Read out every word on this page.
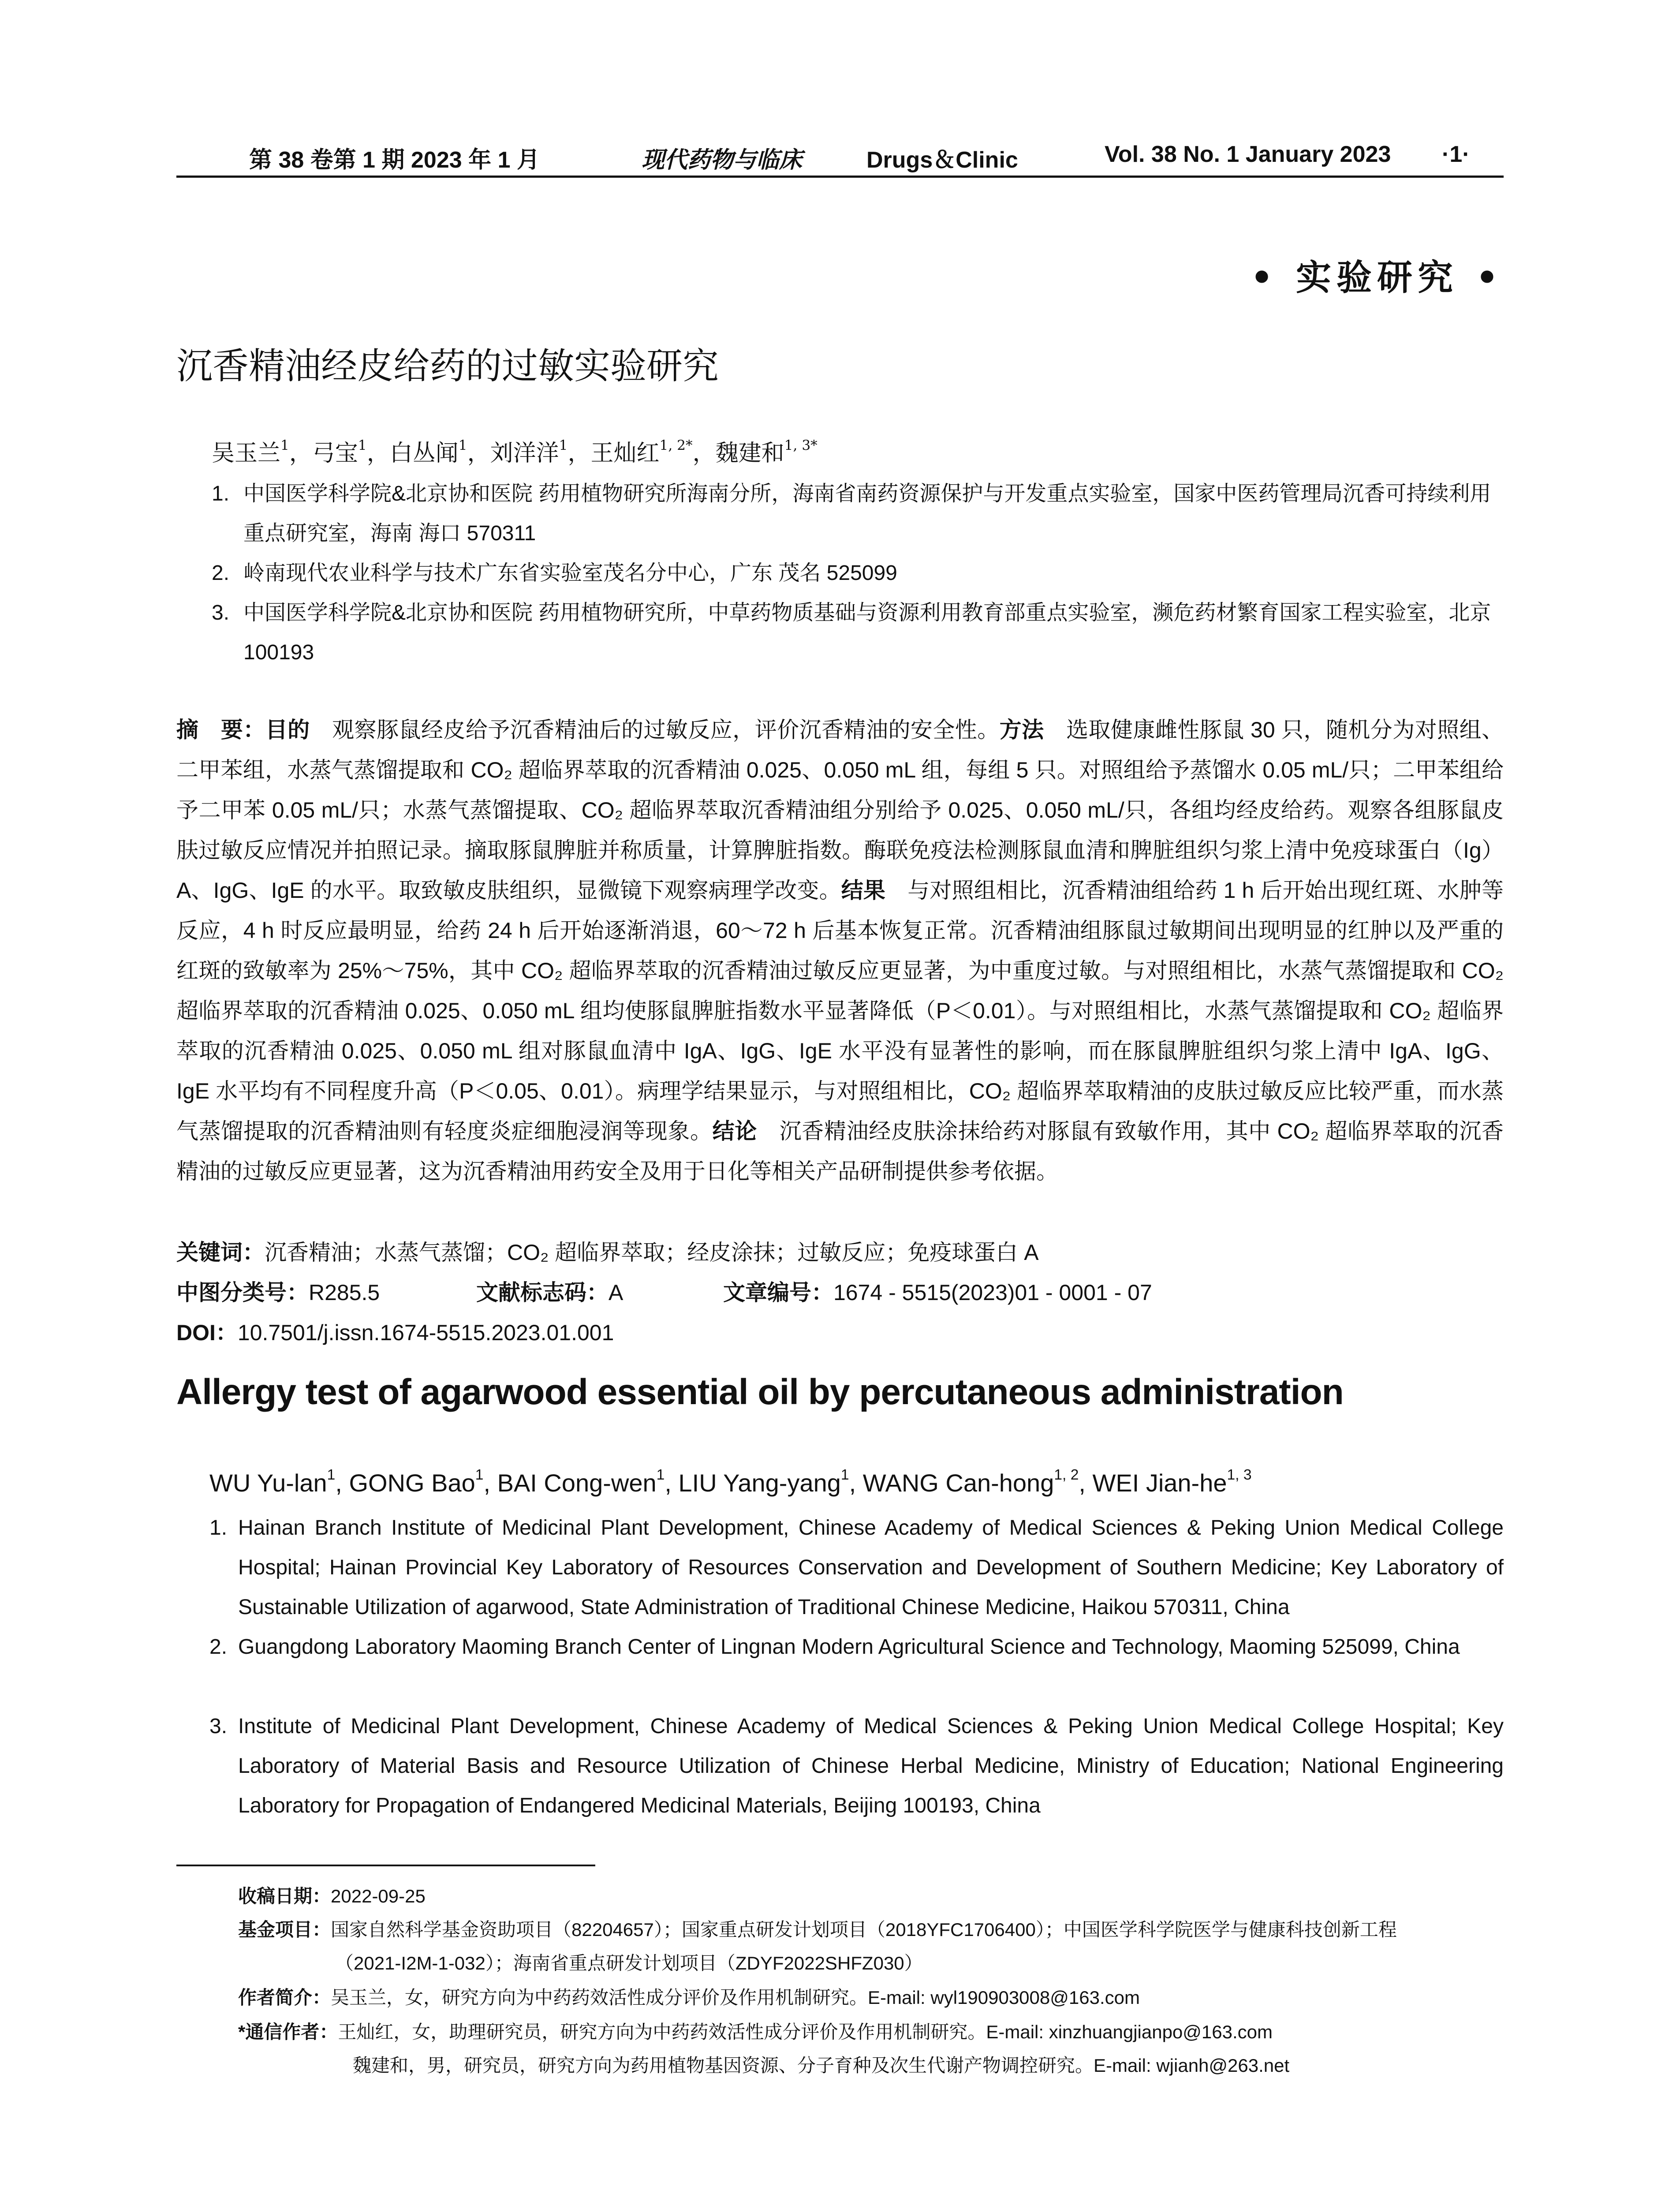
第 38 卷第 1 期 2023 年 1 月	现代药物与临床	Drugs＆Clinic	Vol. 38 No. 1 January 2023 ·1·
• 实验研究 •
沉香精油经皮给药的过敏实验研究
吴玉兰$^1$，弓宝$^1$，白丛闻$^1$，刘洋洋$^1$，王灿红$^{1, 2*}$，魏建和$^{1, 3*}$
1. 中国医学科学院&北京协和医院 药用植物研究所海南分所，海南省南药资源保护与开发重点实验室，国家中医药管理局沉香可持续利用重点研究室，海南 海口 570311
2. 岭南现代农业科学与技术广东省实验室茂名分中心，广东 茂名 525099
3. 中国医学科学院&北京协和医院 药用植物研究所，中草药物质基础与资源利用教育部重点实验室，濒危药材繁育国家工程实验室，北京 100193
摘　要：目的　 观察豚鼠经皮给予沉香精油后的过敏反应，评价沉香精油的安全性。方法　 选取健康雌性豚鼠 30 只，随机分为对照组、二甲苯组，水蒸气蒸馏提取和 CO₂ 超临界萃取的沉香精油 0.025、0.050 mL 组，每组 5 只。对照组给予蒸馏水 0.05 mL/只；二甲苯组给予二甲苯 0.05 mL/只；水蒸气蒸馏提取、CO₂ 超临界萃取沉香精油组分别给予 0.025、0.050 mL/只，各组均经皮给药。观察各组豚鼠皮肤过敏反应情况并拍照记录。摘取豚鼠脾脏并称质量，计算脾脏指数。酶联免疫法检测豚鼠血清和脾脏组织匀浆上清中免疫球蛋白（Ig）A、IgG、IgE 的水平。取致敏皮肤组织，显微镜下观察病理学改变。结果　 与对照组相比，沉香精油组给药 1 h 后开始出现红斑、水肿等反应，4 h 时反应最明显，给药 24 h 后开始逐渐消退，60～72 h 后基本恢复正常。沉香精油组豚鼠过敏期间出现明显的红肿以及严重的红斑的致敏率为 25%～75%，其中 CO₂ 超临界萃取的沉香精油过敏反应更显著，为中重度过敏。与对照组相比，水蒸气蒸馏提取和 CO₂ 超临界萃取的沉香精油 0.025、0.050 mL 组均使豚鼠脾脏指数水平显著降低（P＜0.01）。与对照组相比，水蒸气蒸馏提取和 CO₂ 超临界萃取的沉香精油 0.025、0.050 mL 组对豚鼠血清中 IgA、IgG、IgE 水平没有显著性的影响，而在豚鼠脾脏组织匀浆上清中 IgA、IgG、IgE 水平均有不同程度升高（P＜0.05、0.01）。病理学结果显示，与对照组相比，CO₂ 超临界萃取精油的皮肤过敏反应比较严重，而水蒸气蒸馏提取的沉香精油则有轻度炎症细胞浸润等现象。结论　 沉香精油经皮肤涂抹给药对豚鼠有致敏作用，其中 CO₂ 超临界萃取的沉香精油的过敏反应更显著，这为沉香精油用药安全及用于日化等相关产品研制提供参考依据。
关键词：沉香精油；水蒸气蒸馏；CO₂ 超临界萃取；经皮涂抹；过敏反应；免疫球蛋白 A
中图分类号：R285.5	文献标志码：A	文章编号：1674 - 5515(2023)01 - 0001 - 07
DOI：10.7501/j.issn.1674-5515.2023.01.001
Allergy test of agarwood essential oil by percutaneous administration
WU Yu-lan$^1$, GONG Bao$^1$, BAI Cong-wen$^1$, LIU Yang-yang$^1$, WANG Can-hong$^{1, 2}$, WEI Jian-he$^{1, 3}$
1. Hainan Branch Institute of Medicinal Plant Development, Chinese Academy of Medical Sciences & Peking Union Medical College Hospital; Hainan Provincial Key Laboratory of Resources Conservation and Development of Southern Medicine; Key Laboratory of Sustainable Utilization of agarwood, State Administration of Traditional Chinese Medicine, Haikou 570311, China
2. Guangdong Laboratory Maoming Branch Center of Lingnan Modern Agricultural Science and Technology, Maoming 525099, China
3. Institute of Medicinal Plant Development, Chinese Academy of Medical Sciences & Peking Union Medical College Hospital; Key Laboratory of Material Basis and Resource Utilization of Chinese Herbal Medicine, Ministry of Education; National Engineering Laboratory for Propagation of Endangered Medicinal Materials, Beijing 100193, China
收稿日期：2022-09-25
基金项目：国家自然科学基金资助项目（82204657）；国家重点研发计划项目（2018YFC1706400）；中国医学科学院医学与健康科技创新工程
（2021-I2M-1-032）；海南省重点研发计划项目（ZDYF2022SHFZ030）
作者简介：吴玉兰，女，研究方向为中药药效活性成分评价及作用机制研究。E-mail: wyl190903008@163.com
*通信作者：王灿红，女，助理研究员，研究方向为中药药效活性成分评价及作用机制研究。E-mail: xinzhuangjianpo@163.com
魏建和，男，研究员，研究方向为药用植物基因资源、分子育种及次生代谢产物调控研究。E-mail: wjianh@263.net
